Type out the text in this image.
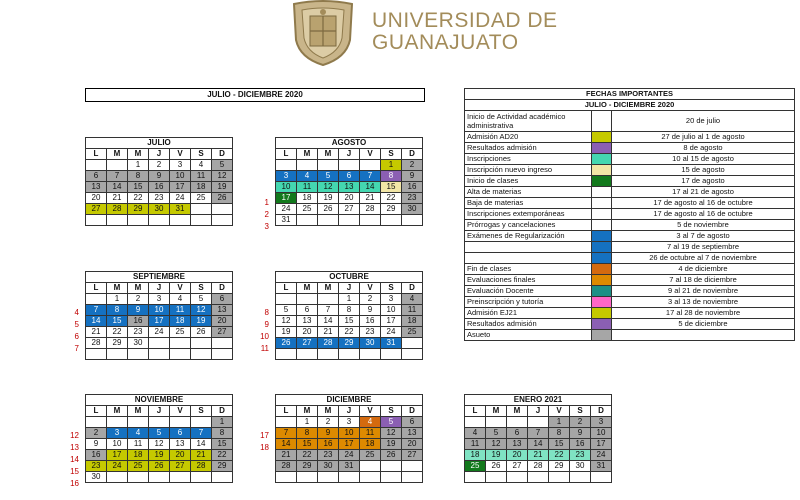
UNIVERSIDAD DE
GUANAJUATO
JULIO - DICIEMBRE 2020
JULIO						
L	M	M	J	V	S	D
		1	2	3	4	5
6	7	8	9	10	11	12
13	14	15	16	17	18	19
20	21	22	23	24	25	26
27	28	29	30	31		

AGOSTO						
L	M	M	J	V	S	D
					1	2
3	4	5	6	7	8	9
10	11	12	13	14	15	16
17	18	19	20	21	22	23
24	25	26	27	28	29	30
31						
SEPTIEMBRE						
L	M	M	J	V	S	D
	1	2	3	4	5	6
7	8	9	10	11	12	13
14	15	16	17	18	19	20
21	22	23	24	25	26	27
28	29	30				

OCTUBRE						
L	M	M	J	V	S	D
			1	2	3	4
5	6	7	8	9	10	11
12	13	14	15	16	17	18
19	20	21	22	23	24	25
26	27	28	29	30	31	

NOVIEMBRE						
L	M	M	J	V	S	D
						1
2	3	4	5	6	7	8
9	10	11	12	13	14	15
16	17	18	19	20	21	22
23	24	25	26	27	28	29
30						
DICIEMBRE						
L	M	M	J	V	S	D
	1	2	3	4	5	6
7	8	9	10	11	12	13
14	15	16	17	18	19	20
21	22	23	24	25	26	27
28	29	30	31			

ENERO 2021						
L	M	M	J	V	S	D
				1	2	3
4	5	6	7	8	9	10
11	12	13	14	15	16	17
18	19	20	21	22	23	24
25	26	27	28	29	30	31

1
2
3
4
5
6
7
8
9
10
11
12
13
14
15
16
17
18
FECHAS IMPORTANTES		
JULIO - DICIEMBRE 2020		
Inicio de Actividad académico administrativa		20 de julio
Admisión AD20		27 de julio al 1 de agosto
Resultados admisión		8 de agosto
Inscripciones		10 al 15 de agosto
Inscripción nuevo ingreso		15 de agosto
Inicio de clases		17 de agosto
Alta de materias		17 al 21 de agosto
Baja de materias		17 de agosto al 16 de octubre
Inscripciones extemporáneas		17 de agosto al 16 de octubre
Prórrogas y cancelaciones		5 de noviembre
Exámenes de Regularización		3 al 7 de agosto
		7 al 19 de septiembre
		26 de octubre al 7 de noviembre
Fin de clases		4 de diciembre
Evaluaciones finales		7 al 18 de diciembre
Evaluación Docente		9 al 21 de noviembre
Preinscripción y tutoría		3 al 13 de noviembre
Admisión EJ21		17 al 28 de noviembre
Resultados admisión		5 de diciembre
Asueto		
